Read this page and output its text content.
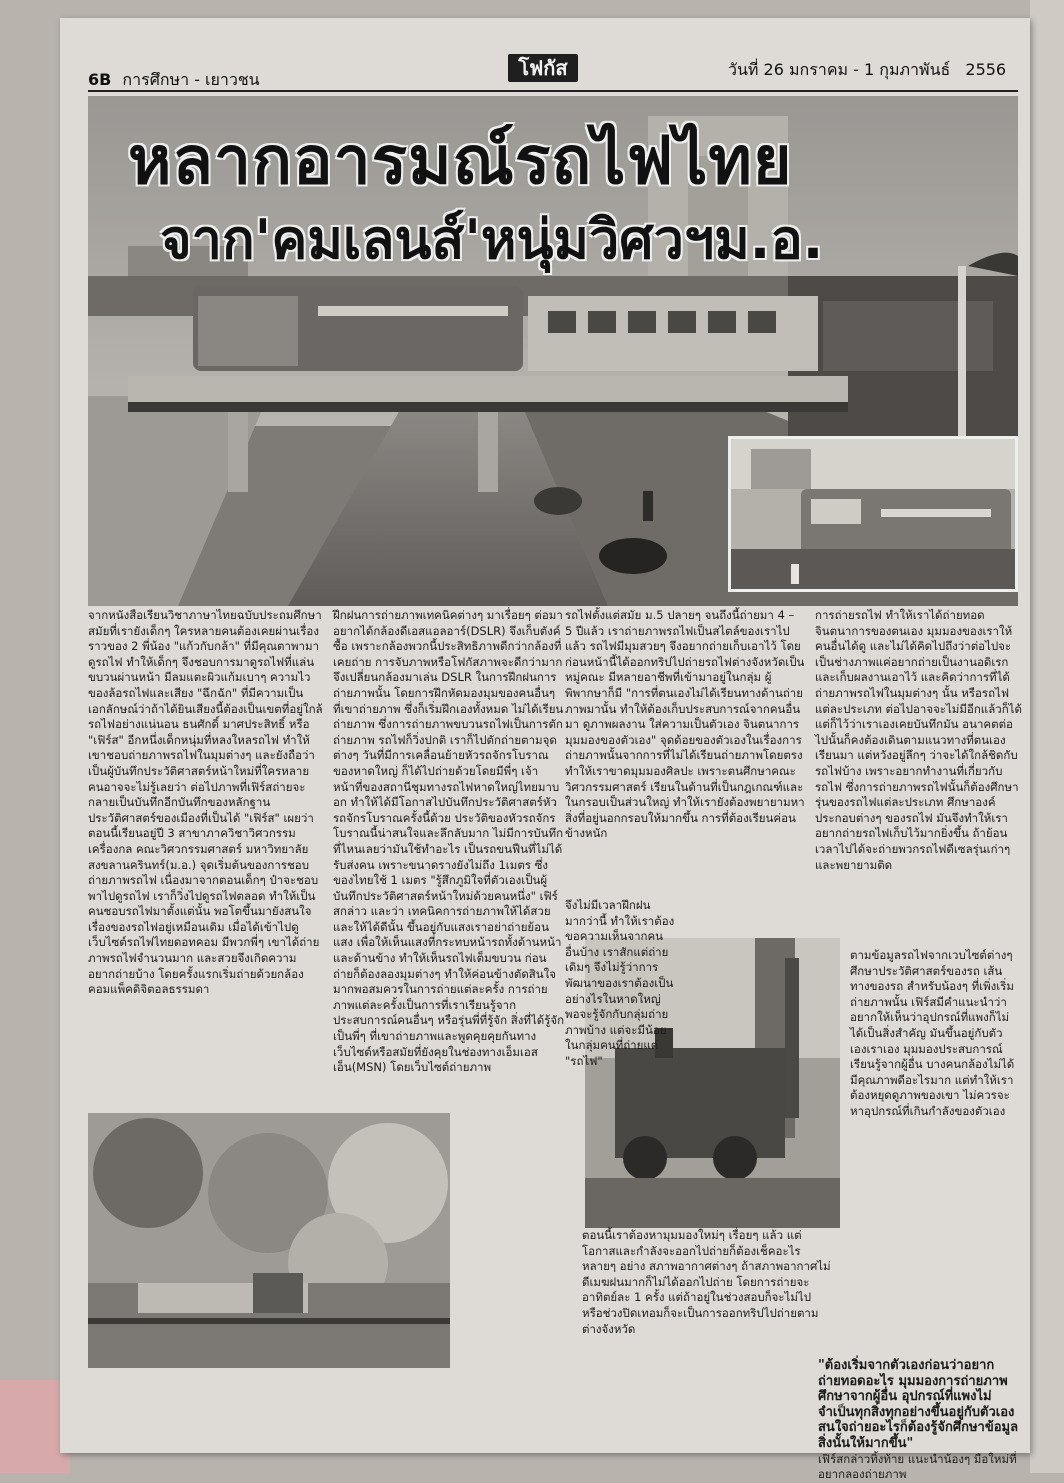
6B การศึกษา - เยาวชน	โฟกัส	วันที่ 26 มกราคม - 1 กุมภาพันธ์ 2556
หลากอารมณ์รถไฟไทย
จาก'คมเลนส์'หนุ่มวิศวฯม.อ.

จากหนังสือเรียนวิชาภาษาไทยฉบับประถมศึกษา สมัยที่เรายังเด็กๆ ใครหลายคนต้องเคยผ่านเรื่องราวของ 2 พี่น้อง "แก้วกับกล้า" ที่มีคุณตาพามาดูรถไฟ ทำให้เด็กๆ จึงชอบการมาดูรถไฟที่แล่นขบวนผ่านหน้า มีลมแตะผิวแก้มเบาๆ ความไวของล้อรถไฟและเสียง "ฉึกฉัก" ที่มีความเป็นเอกลักษณ์ว่าถ้าได้ยินเสียงนี้ต้องเป็นเขตที่อยู่ใกล้รถไฟอย่างแน่นอน ธนศักดิ์ มาศประสิทธิ์ หรือ "เฟิร์ส" อีกหนึ่งเด็กหนุ่มที่หลงใหลรถไฟ ทำให้เขาชอบถ่ายภาพรถไฟในมุมต่างๆ และยังถือว่าเป็นผู้บันทึกประวัติศาสตร์หน้าใหม่ที่ใครหลายคนอาจจะไม่รู้เลยว่า ต่อไปภาพที่เฟิร์สถ่ายจะกลายเป็นบันทึกอีกบันทึกของหลักฐานประวัติศาสตร์ของเมืองที่เป็นได้ "เฟิร์ส" เผยว่า ตอนนี้เรียนอยู่ปี 3 สาขาภาควิชาวิศวกรรมเครื่องกล คณะวิศวกรรมศาสตร์ มหาวิทยาลัยสงขลานครินทร์(ม.อ.) จุดเริ่มต้นของการชอบถ่ายภาพรถไฟ เนื่องมาจากตอนเด็กๆ ป๋าจะชอบพาไปดูรถไฟ เราก็วิ่งไปดูรถไฟตลอด ทำให้เป็นคนชอบรถไฟมาตั้งแต่นั้น พอโตขึ้นมายังสนใจเรื่องของรถไฟอยู่เหมือนเดิม เมื่อได้เข้าไปดูเว็บไซต์รถไฟไทยดอทคอม มีพวกพี่ๆ เขาได้ถ่ายภาพรถไฟจำนวนมาก และสวยจึงเกิดความอยากถ่ายบ้าง โดยครั้งแรกเริ่มถ่ายด้วยกล้องคอมแพ็คดิจิตอลธรรมดา

ฝึกฝนการถ่ายภาพเทคนิคต่างๆ มาเรื่อยๆ ต่อมาอยากได้กล้องดีเอสแอลอาร์(DSLR) จึงเก็บตังค์ซื้อ เพราะกล้องพวกนี้ประสิทธิภาพดีกว่ากล้องที่เคยถ่าย การจับภาพหรือโฟกัสภาพจะดีกว่ามาก จึงเปลี่ยนกล้องมาเล่น DSLR ในการฝึกฝนการถ่ายภาพนั้น โดยการฝึกหัดมองมุมของคนอื่นๆ ที่เขาถ่ายภาพ ซึ่งก็เริ่มฝึกเองทั้งหมด ไม่ได้เรียนถ่ายภาพ ซึ่งการถ่ายภาพขบวนรถไฟเป็นการตักถ่ายภาพ รถไฟก็วิ่งปกติ เราก็ไปตักถ่ายตามจุดต่างๆ วันที่มีการเคลื่อนย้ายหัวรถจักรโบราณของหาดใหญ่ ก็ได้ไปถ่ายด้วยโดยมีพี่ๆ เจ้าหน้าที่ของสถานีชุมทางรถไฟหาดใหญ่ไทยมาบอก ทำให้ได้มีโอกาสไปบันทึกประวัติศาสตร์หัวรถจักรโบราณครั้งนี้ด้วย ประวัติของหัวรถจักรโบราณนี้น่าสนใจและลึกลับมาก ไม่มีการบันทึกที่ไหนเลยว่ามันใช้ทำอะไร เป็นรถขนฟืนที่ไม่ได้รับส่งคน เพราะขนาดรางยังไม่ถึง 1เมตร ซึ่งของไทยใช้ 1 เมตร "รู้สึกภูมิใจที่ตัวเองเป็นผู้บันทึกประวัติศาสตร์หน้าใหม่ด้วยคนหนึ่ง" เฟิร์สกล่าว และว่า เทคนิคการถ่ายภาพให้ได้สวยและให้ได้ดีนั้น ขึ้นอยู่กับแสงเราอย่าถ่ายย้อนแสง เพื่อให้เห็นแสงที่กระทบหน้ารถทั้งด้านหน้าและด้านข้าง ทำให้เห็นรถไฟเต็มขบวน ก่อนถ่ายก็ต้องลองมุมต่างๆ ทำให้ค่อนข้างตัดสินใจมากพอสมควรในการถ่ายแต่ละครั้ง การถ่ายภาพแต่ละครั้งเป็นการที่เราเรียนรู้จากประสบการณ์คนอื่นๆ หรือรุ่นพี่ที่รู้จัก สิ่งที่ได้รู้จักเป็นพี่ๆ ที่เขาถ่ายภาพและพูดคุยคุยกันทางเว็บไซต์หรือสมัยที่ยังคุยในช่องทางเอ็มเอสเอ็น(MSN) โดยเว็บไซต์ถ่ายภาพ

รถไฟตั้งแต่สมัย ม.5 ปลายๆ จนถึงนี้ถ่ายมา 4 – 5 ปีแล้ว เราถ่ายภาพรถไฟเป็นสไตล์ของเราไปแล้ว รถไฟมีมุมสวยๆ จึงอยากถ่ายเก็บเอาไว้ โดยก่อนหน้านี้ได้ออกทริปไปถ่ายรถไฟต่างจังหวัดเป็นหมู่คณะ มีหลายอาชีพที่เข้ามาอยู่ในกลุ่ม ผู้พิพากษาก็มี "การที่ตนเองไม่ได้เรียนทางด้านถ่ายภาพมานั้น ทำให้ต้องเก็บประสบการณ์จากคนอื่นมา ดูภาพผลงาน ใส่ความเป็นตัวเอง จินตนาการ มุมมองของตัวเอง" จุดด้อยของตัวเองในเรื่องการถ่ายภาพนั้นจากการที่ไม่ได้เรียนถ่ายภาพโดยตรง ทำให้เราขาดมุมมองศิลปะ เพราะตนศึกษาคณะวิศวกรรมศาสตร์ เรียนในด้านที่เป็นกฎเกณฑ์และในกรอบเป็นส่วนใหญ่ ทำให้เรายังต้องพยายามหาสิ่งที่อยู่นอกกรอบให้มากขึ้น การที่ต้องเรียนค่อนข้างหนัก

จึงไม่มีเวลาฝึกฝนมากว่านี้ ทำให้เราต้องขอความเห็นจากคนอื่นบ้าง เราสักแต่ถ่ายเดิมๆ จึงไม่รู้ว่าการพัฒนาของเราต้องเป็นอย่างไรในหาดใหญ่พอจะรู้จักกับกลุ่มถ่ายภาพบ้าง แต่จะมีน้อยในกลุ่มคนที่ถ่ายแต่ "รถไฟ"

ตอนนี้เราต้องหามุมมองใหม่ๆ เรื่อยๆ แล้ว แต่โอกาสและกำลังจะออกไปถ่ายก็ต้องเช็คอะไรหลายๆ อย่าง สภาพอากาศต่างๆ ถ้าสภาพอากาศไม่ดีเมฆฝนมากก็ไม่ได้ออกไปถ่าย โดยการถ่ายจะอาทิตย์ละ 1 ครั้ง แต่ถ้าอยู่ในช่วงสอบก็จะไม่ไป หรือช่วงปิดเทอมก็จะเป็นการออกทริปไปถ่ายตามต่างจังหวัด

การถ่ายรถไฟ ทำให้เราได้ถ่ายทอดจินตนาการของตนเอง มุมมองของเราให้คนอื่นได้ดู และไม่ได้คิดไปถึงว่าต่อไปจะเป็นช่างภาพแค่อยากถ่ายเป็นงานอดิเรก และเก็บผลงานเอาไว้ และคิดว่าการที่ได้ถ่ายภาพรถไฟในมุมต่างๆ นั้น หรือรถไฟแต่ละประเภท ต่อไปอาจจะไม่มีอีกแล้วก็ได้ แต่ก็ไว้ว่าเราเองเคยบันทึกมัน อนาคตต่อไปนั้นก็คงต้องเดินตามแนวทางที่ตนเองเรียนมา แต่หวังอยู่ลึกๆ ว่าจะได้ใกล้ชิดกับรถไฟบ้าง เพราะอยากทำงานที่เกี่ยวกับรถไฟ ซึ่งการถ่ายภาพรถไฟนั้นก็ต้องศึกษารุ่นของรถไฟแต่ละประเภท ศึกษาองค์ประกอบต่างๆ ของรถไฟ มันจึงทำให้เราอยากถ่ายรถไฟเก็บไว้มากยิ่งขึ้น ถ้าย้อนเวลาไปได้จะถ่ายพวกรถไฟดีเซลรุ่นเก่าๆ และพยายามติด

ตามข้อมูลรถไฟจากเวบไซต์ต่างๆ ศึกษาประวัติศาสตร์ของรถ เส้นทางของรถ สำหรับน้องๆ ที่เพิ่งเริ่มถ่ายภาพนั้น เฟิร์สมีคำแนะนำว่า อยากให้เห็นว่าอุปกรณ์ที่แพงก็ไม่ได้เป็นสิ่งสำคัญ มันขึ้นอยู่กับตัวเองเราเอง มุมมองประสบการณ์เรียนรู้จากผู้อื่น บางคนกล้องไม่ได้มีคุณภาพดีอะไรมาก แต่ทำให้เราต้องหยุดดูภาพของเขา ไม่ควรจะหาอุปกรณ์ที่เกินกำลังของตัวเอง

"ต้องเริ่มจากตัวเองก่อนว่าอยากถ่ายทอดอะไร มุมมองการถ่ายภาพศึกษาจากผู้อื่น อุปกรณ์ที่แพงไม่จำเป็นทุกสิ่งทุกอย่างขึ้นอยู่กับตัวเอง สนใจถ่ายอะไรก็ต้องรู้จักศึกษาข้อมูลสิ่งนั้นให้มากขึ้น"

เฟิร์สกล่าวทิ้งท้าย แนะนำน้องๆ มือใหม่ที่อยากลองถ่ายภาพ
